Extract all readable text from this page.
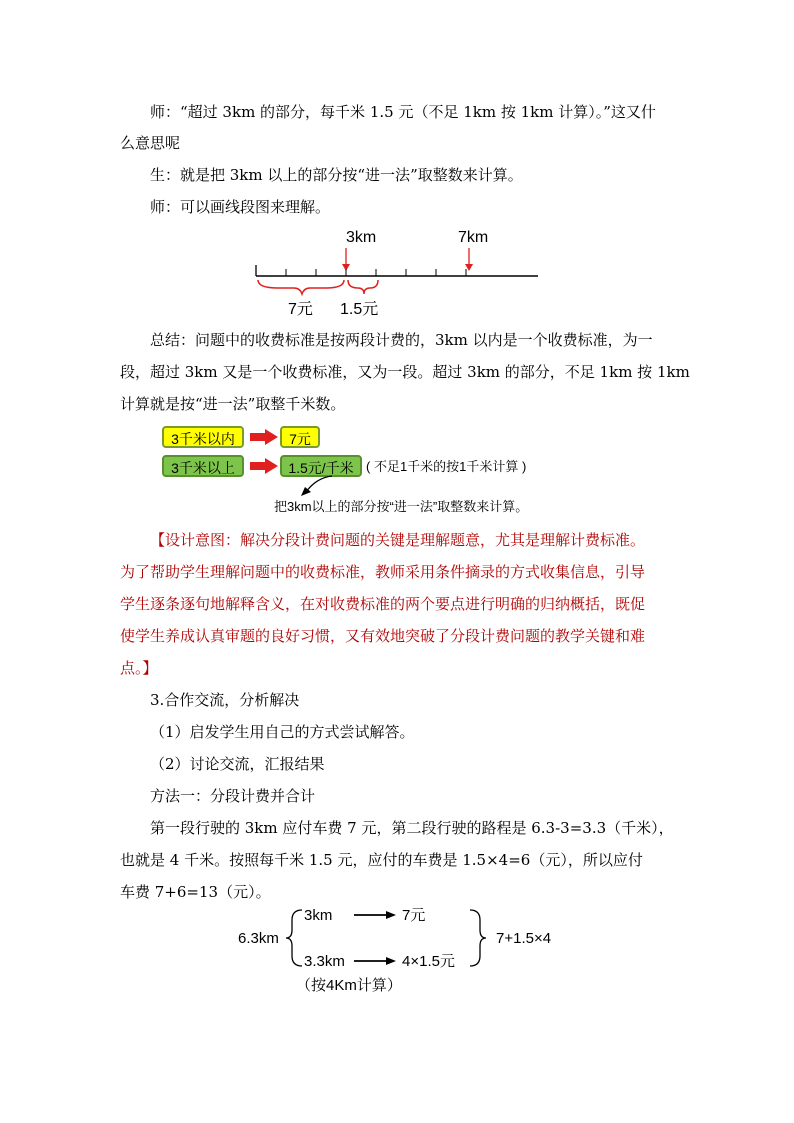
师：“超过 3km 的部分，每千米 1.5 元（不足 1km 按 1km 计算）。”这又什
么意思呢
生：就是把 3km 以上的部分按“进一法”取整数来计算。
师：可以画线段图来理解。
3km	7km
7元 1.5元
总结：问题中的收费标准是按两段计费的，3km 以内是一个收费标准，为一
段，超过 3km 又是一个收费标准，又为一段。超过 3km 的部分，不足 1km 按 1km
计算就是按“进一法”取整千米数。
3千米以内	7元
3千米以上	1.5元/千米 ( 不足1千米的按1千米计算 )
把3km以上的部分按“进一法”取整数来计算。
【设计意图：解决分段计费问题的关键是理解题意，尤其是理解计费标准。
为了帮助学生理解问题中的收费标准，教师采用条件摘录的方式收集信息，引导
学生逐条逐句地解释含义，在对收费标准的两个要点进行明确的归纳概括，既促
使学生养成认真审题的良好习惯，又有效地突破了分段计费问题的教学关键和难
点。】
3.合作交流，分析解决
（1）启发学生用自己的方式尝试解答。
（2）讨论交流，汇报结果
方法一：分段计费并合计
第一段行驶的 3km 应付车费 7 元，第二段行驶的路程是 6.3-3=3.3（千米），
也就是 4 千米。按照每千米 1.5 元，应付的车费是 1.5×4=6（元），所以应付
车费 7+6=13（元）。
6.3km
3km	7元
3.3km	4×1.5元
7+1.5×4
（按4Km计算）
